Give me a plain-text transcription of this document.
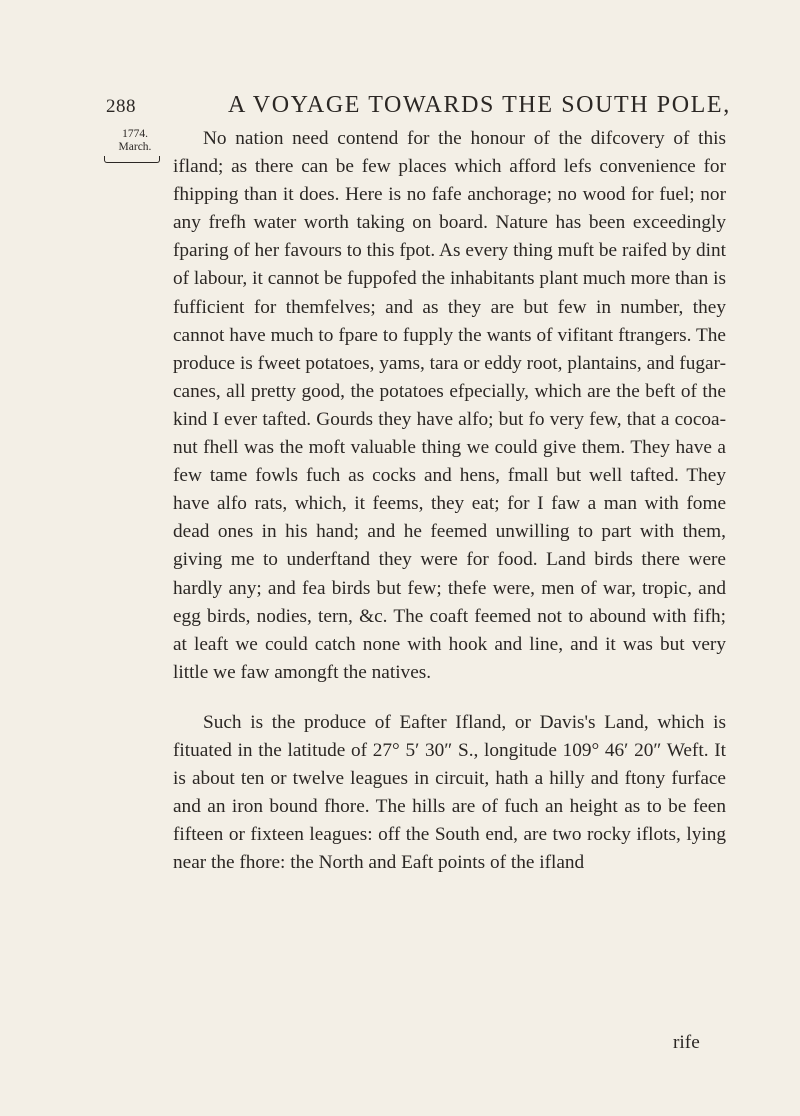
288	A VOYAGE TOWARDS THE SOUTH POLE,
1774.
March.	No nation need contend for the honour of the difcovery of this ifland; as there can be few places which afford lefs convenience for fhipping than it does. Here is no fafe anchorage; no wood for fuel; nor any frefh water worth taking on board. Nature has been exceedingly fparing of her favours to this fpot. As every thing muft be raifed by dint of labour, it cannot be fuppofed the inhabitants plant much more than is fufficient for themfelves; and as they are but few in number, they cannot have much to fpare to fupply the wants of vifitant ftrangers. The produce is fweet potatoes, yams, tara or eddy root, plantains, and fugar-canes, all pretty good, the potatoes efpecially, which are the beft of the kind I ever tafted. Gourds they have alfo; but fo very few, that a cocoa-nut fhell was the moft valuable thing we could give them. They have a few tame fowls fuch as cocks and hens, fmall but well tafted. They have alfo rats, which, it feems, they eat; for I faw a man with fome dead ones in his hand; and he feemed unwilling to part with them, giving me to underftand they were for food. Land birds there were hardly any; and fea birds but few; thefe were, men of war, tropic, and egg birds, nodies, tern, &c. The coaft feemed not to abound with fifh; at leaft we could catch none with hook and line, and it was but very little we faw amongft the natives.

Such is the produce of Eafter Ifland, or Davis's Land, which is fituated in the latitude of 27° 5′ 30″ S., longitude 109° 46′ 20″ Weft. It is about ten or twelve leagues in circuit, hath a hilly and ftony furface and an iron bound fhore. The hills are of fuch an height as to be feen fifteen or fixteen leagues: off the South end, are two rocky iflots, lying near the fhore: the North and Eaft points of the ifland

rife
